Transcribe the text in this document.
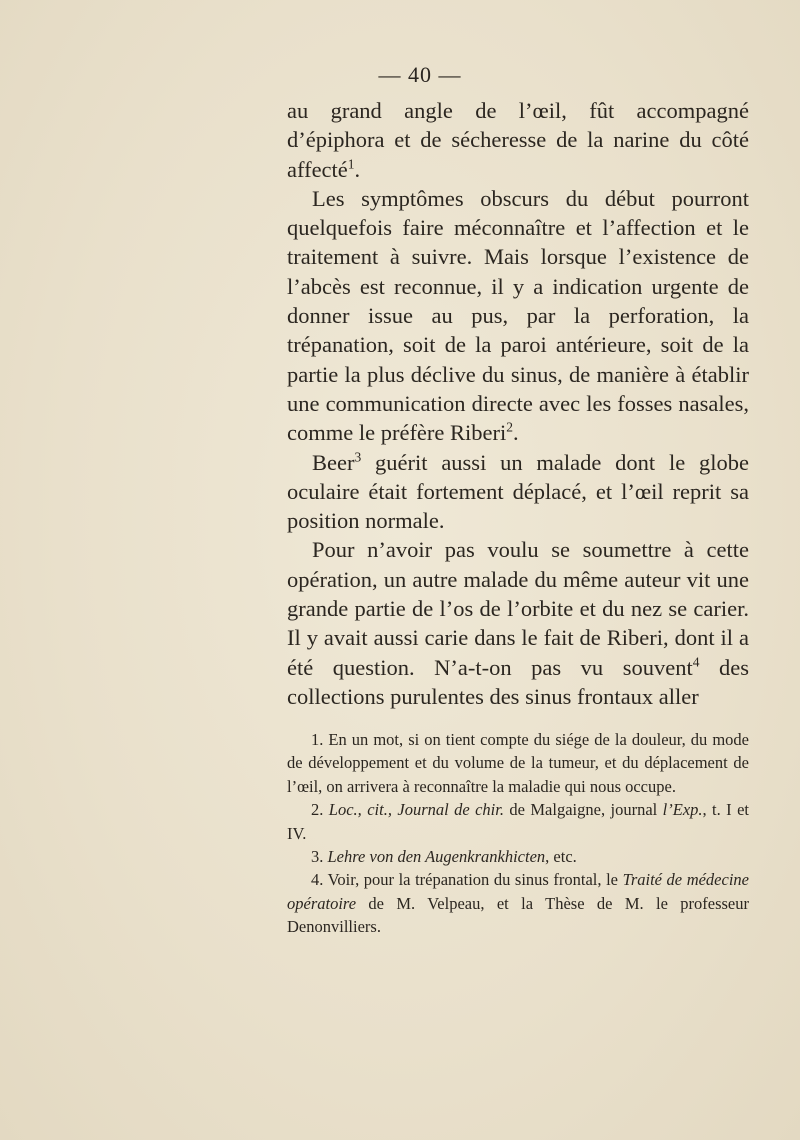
— 40 —

au grand angle de l’œil, fût accompagné d’épiphora et de sécheresse de la narine du côté affecté$^1$.

Les symptômes obscurs du début pourront quelquefois faire méconnaître et l’affection et le traitement à suivre. Mais lorsque l’existence de l’abcès est reconnue, il y a indication urgente de donner issue au pus, par la perforation, la trépanation, soit de la paroi antérieure, soit de la partie la plus déclive du sinus, de manière à établir une communication directe avec les fosses nasales, comme le préfère Riberi$^2$.

Beer$^3$ guérit aussi un malade dont le globe oculaire était fortement déplacé, et l’œil reprit sa position normale.

Pour n’avoir pas voulu se soumettre à cette opération, un autre malade du même auteur vit une grande partie de l’os de l’orbite et du nez se carier. Il y avait aussi carie dans le fait de Riberi, dont il a été question. N’a-t-on pas vu souvent$^4$ des collections purulentes des sinus frontaux aller

1. En un mot, si on tient compte du siége de la douleur, du mode de développement et du volume de la tumeur, et du déplacement de l’œil, on arrivera à reconnaître la maladie qui nous occupe.

2. Loc., cit., Journal de chir. de Malgaigne, journal l’Exp., t. I et IV.

3. Lehre von den Augenkrankhicten, etc.

4. Voir, pour la trépanation du sinus frontal, le Traité de médecine opératoire de M. Velpeau, et la Thèse de M. le professeur Denonvilliers.
